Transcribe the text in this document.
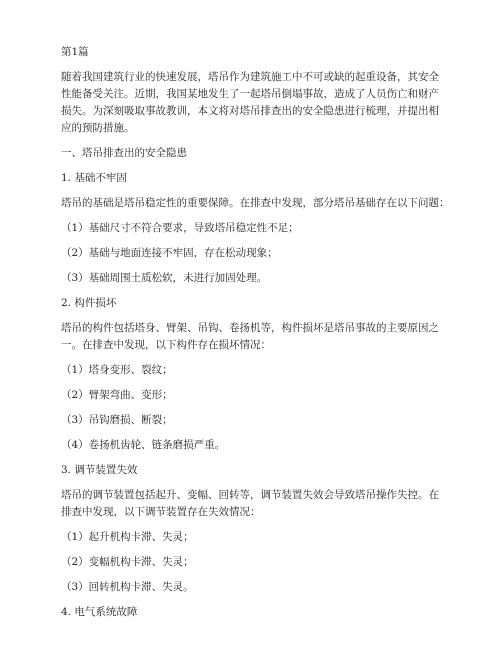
第1篇

随着我国建筑行业的快速发展，塔吊作为建筑施工中不可或缺的起重设备，其安全

性能备受关注。近期，我国某地发生了一起塔吊倒塌事故，造成了人员伤亡和财产

损失。为深刻吸取事故教训，本文将对塔吊排查出的安全隐患进行梳理，并提出相

应的预防措施。

一、塔吊排查出的安全隐患

1. 基础不牢固

塔吊的基础是塔吊稳定性的重要保障。在排查中发现，部分塔吊基础存在以下问题：

（1）基础尺寸不符合要求，导致塔吊稳定性不足；

（2）基础与地面连接不牢固，存在松动现象；

（3）基础周围土质松软，未进行加固处理。

2. 构件损坏

塔吊的构件包括塔身、臂架、吊钩、卷扬机等，构件损坏是塔吊事故的主要原因之

一。在排查中发现，以下构件存在损坏情况：

（1）塔身变形、裂纹；

（2）臂架弯曲、变形；

（3）吊钩磨损、断裂；

（4）卷扬机齿轮、链条磨损严重。

3. 调节装置失效

塔吊的调节装置包括起升、变幅、回转等，调节装置失效会导致塔吊操作失控。在

排查中发现，以下调节装置存在失效情况：

（1）起升机构卡滞、失灵；

（2）变幅机构卡滞、失灵；

（3）回转机构卡滞、失灵。

4. 电气系统故障
